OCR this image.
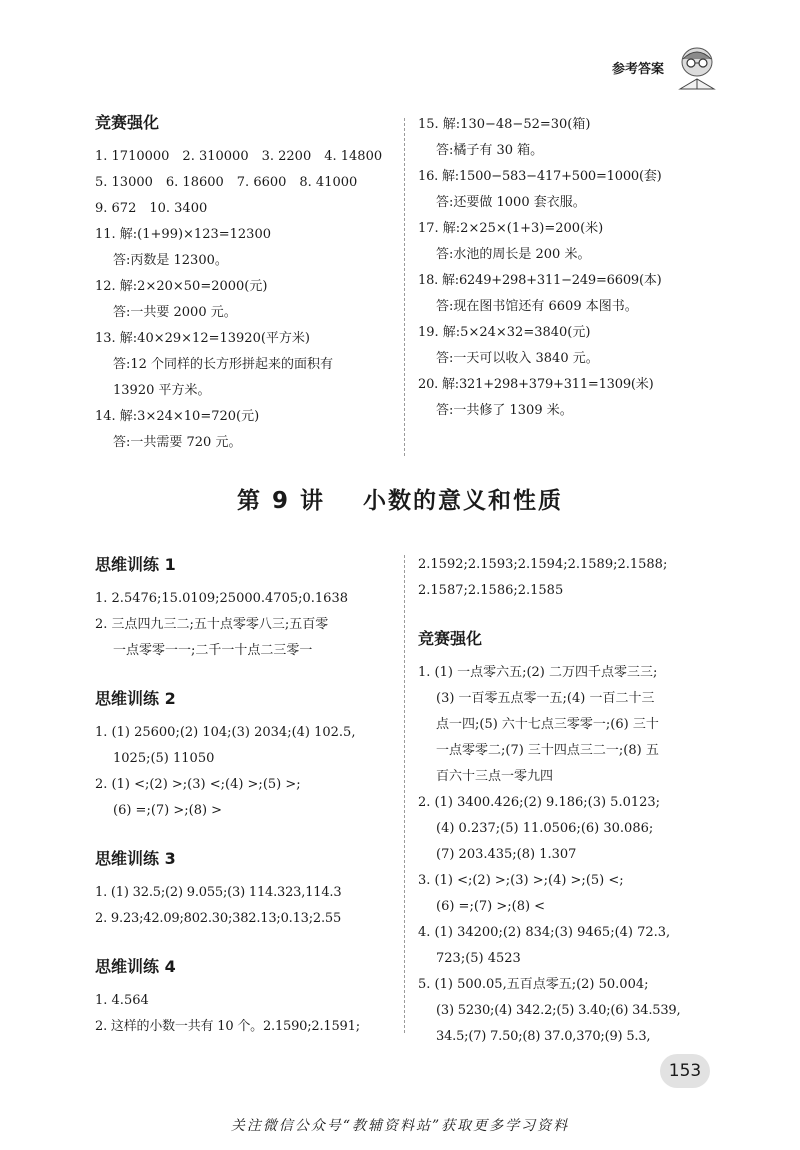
参考答案
竞赛强化
1. 1710000　2. 310000　3. 2200　4. 14800
5. 13000　6. 18600　7. 6600　8. 41000
9. 672　10. 3400
11. 解:(1+99)×123=12300
答:丙数是 12300。
12. 解:2×20×50=2000(元)
答:一共要 2000 元。
13. 解:40×29×12=13920(平方米)
答:12 个同样的长方形拼起来的面积有
13920 平方米。
14. 解:3×24×10=720(元)
答:一共需要 720 元。
15. 解:130−48−52=30(箱)
答:橘子有 30 箱。
16. 解:1500−583−417+500=1000(套)
答:还要做 1000 套衣服。
17. 解:2×25×(1+3)=200(米)
答:水池的周长是 200 米。
18. 解:6249+298+311−249=6609(本)
答:现在图书馆还有 6609 本图书。
19. 解:5×24×32=3840(元)
答:一天可以收入 3840 元。
20. 解:321+298+379+311=1309(米)
答:一共修了 1309 米。
第 9 讲 小数的意义和性质
思维训练 1
1. 2.5476;15.0109;25000.4705;0.1638
2. 三点四九三二;五十点零零八三;五百零
一点零零一一;二千一十点二三零一
思维训练 2
1. (1) 25600;(2) 104;(3) 2034;(4) 102.5,
1025;(5) 11050
2. (1) <;(2) >;(3) <;(4) >;(5) >;
(6) =;(7) >;(8) >
思维训练 3
1. (1) 32.5;(2) 9.055;(3) 114.323,114.3
2. 9.23;42.09;802.30;382.13;0.13;2.55
思维训练 4
1. 4.564
2. 这样的小数一共有 10 个。2.1590;2.1591;
2.1592;2.1593;2.1594;2.1589;2.1588;
2.1587;2.1586;2.1585
竞赛强化
1. (1) 一点零六五;(2) 二万四千点零三三;
(3) 一百零五点零一五;(4) 一百二十三
点一四;(5) 六十七点三零零一;(6) 三十
一点零零二;(7) 三十四点三二一;(8) 五
百六十三点一零九四
2. (1) 3400.426;(2) 9.186;(3) 5.0123;
(4) 0.237;(5) 11.0506;(6) 30.086;
(7) 203.435;(8) 1.307
3. (1) <;(2) >;(3) >;(4) >;(5) <;
(6) =;(7) >;(8) <
4. (1) 34200;(2) 834;(3) 9465;(4) 72.3,
723;(5) 4523
5. (1) 500.05,五百点零五;(2) 50.004;
(3) 5230;(4) 342.2;(5) 3.40;(6) 34.539,
34.5;(7) 7.50;(8) 37.0,370;(9) 5.3,
153
关注微信公众号“教辅资料站”获取更多学习资料
